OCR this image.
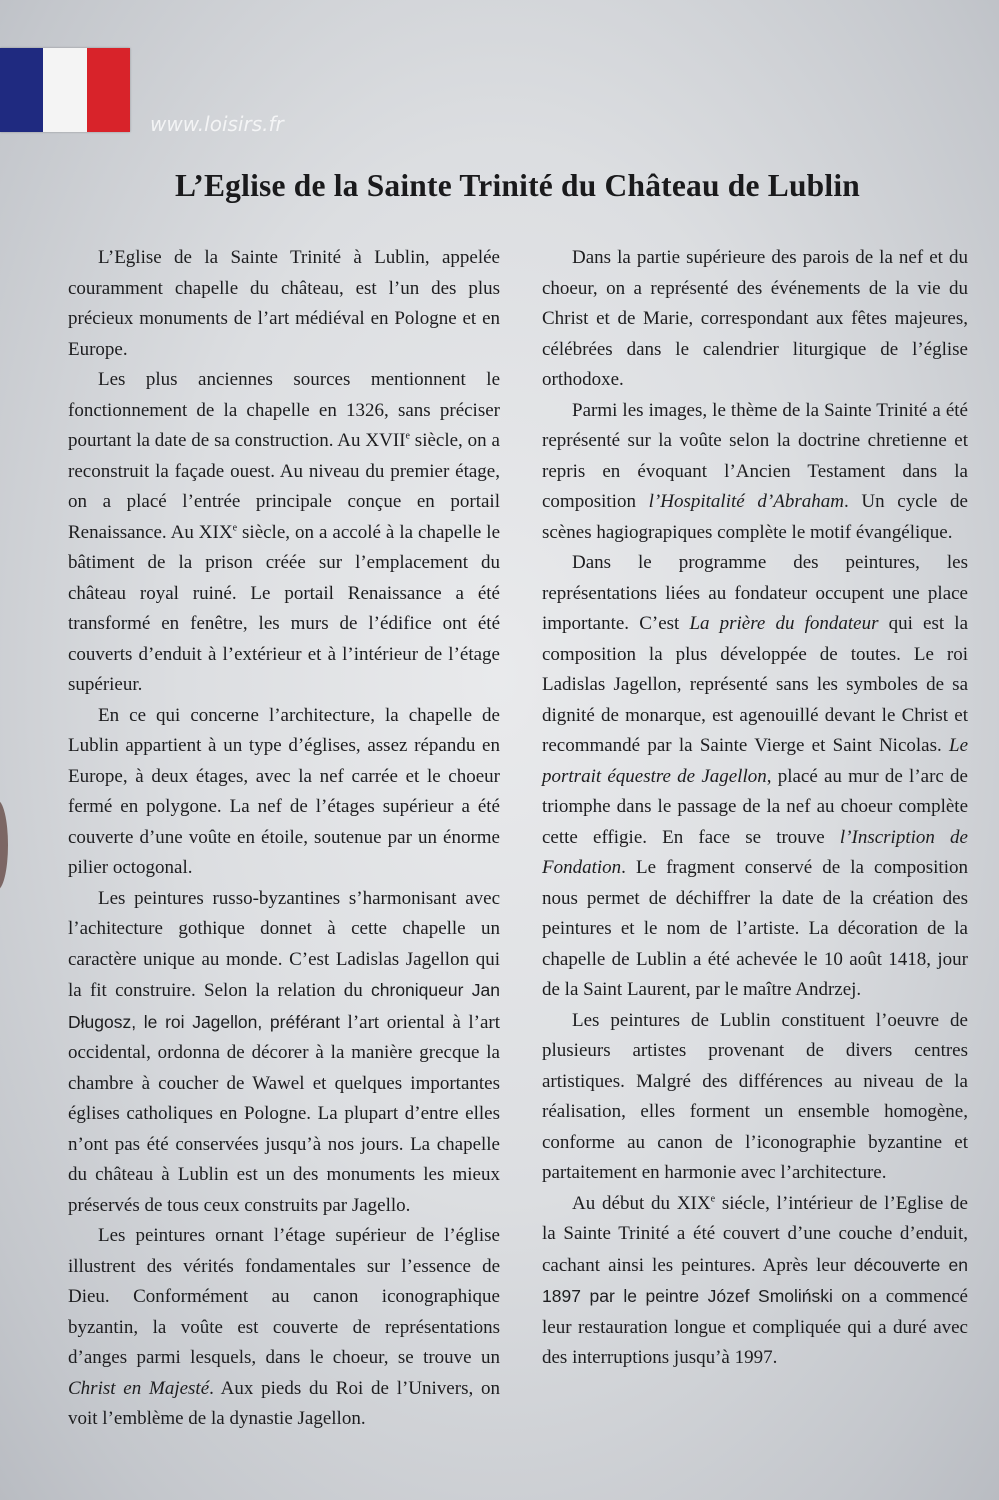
www.loisirs.fr
L’Eglise de la Sainte Trinité du Château de Lublin

L’Eglise de la Sainte Trinité à Lublin, appelée couramment chapelle du château, est l’un des plus précieux monuments de l’art médiéval en Pologne et en Europe.

Les plus anciennes sources mentionnent le fonctionnement de la chapelle en 1326, sans préciser pourtant la date de sa construction. Au XVIIe siècle, on a reconstruit la façade ouest. Au niveau du premier étage, on a placé l’entrée principale conçue en portail Renaissance. Au XIXe siècle, on a accolé à la chapelle le bâtiment de la prison créée sur l’emplacement du château royal ruiné. Le portail Renaissance a été transformé en fenêtre, les murs de l’édifice ont été couverts d’enduit à l’extérieur et à l’intérieur de l’étage supérieur.

En ce qui concerne l’architecture, la chapelle de Lublin appartient à un type d’églises, assez répandu en Europe, à deux étages, avec la nef carrée et le choeur fermé en polygone. La nef de l’étages supérieur a été couverte d’une voûte en étoile, soutenue par un énorme pilier octogonal.

Les peintures russo-byzantines s’harmonisant avec l’achitecture gothique donnet à cette chapelle un caractère unique au monde. C’est Ladislas Jagellon qui la fit construire. Selon la relation du chroniqueur Jan Długosz, le roi Jagellon, préférant l’art oriental à l’art occidental, ordonna de décorer à la manière grecque la chambre à coucher de Wawel et quelques importantes églises catholiques en Pologne. La plupart d’entre elles n’ont pas été conservées jusqu’à nos jours. La chapelle du château à Lublin est un des monuments les mieux préservés de tous ceux construits par Jagello.

Les peintures ornant l’étage supérieur de l’église illustrent des vérités fondamentales sur l’essence de Dieu. Conformément au canon iconographique byzantin, la voûte est couverte de représentations d’anges parmi lesquels, dans le choeur, se trouve un Christ en Majesté. Aux pieds du Roi de l’Univers, on voit l’emblème de la dynastie Jagellon.

Dans la partie supérieure des parois de la nef et du choeur, on a représenté des événements de la vie du Christ et de Marie, correspondant aux fêtes majeures, célébrées dans le calendrier liturgique de l’église orthodoxe.

Parmi les images, le thème de la Sainte Trinité a été représenté sur la voûte selon la doctrine chretienne et repris en évoquant l’Ancien Testament dans la composition l’Hospitalité d’Abraham. Un cycle de scènes hagiograpiques complète le motif évangélique.

Dans le programme des peintures, les représentations liées au fondateur occupent une place importante. C’est La prière du fondateur qui est la composition la plus développée de toutes. Le roi Ladislas Jagellon, représenté sans les symboles de sa dignité de monarque, est agenouillé devant le Christ et recommandé par la Sainte Vierge et Saint Nicolas. Le portrait équestre de Jagellon, placé au mur de l’arc de triomphe dans le passage de la nef au choeur complète cette effigie. En face se trouve l’Inscription de Fondation. Le fragment conservé de la composition nous permet de déchiffrer la date de la création des peintures et le nom de l’artiste. La décoration de la chapelle de Lublin a été achevée le 10 août 1418, jour de la Saint Laurent, par le maître Andrzej.

Les peintures de Lublin constituent l’oeuvre de plusieurs artistes provenant de divers centres artistiques. Malgré des différences au niveau de la réalisation, elles forment un ensemble homogène, conforme au canon de l’iconographie byzantine et partaitement en harmonie avec l’architecture.

Au début du XIXe siécle, l’intérieur de l’Eglise de la Sainte Trinité a été couvert d’une couche d’enduit, cachant ainsi les peintures. Après leur découverte en 1897 par le peintre Józef Smoliński on a commencé leur restauration longue et compliquée qui a duré avec des interruptions jusqu’à 1997.
